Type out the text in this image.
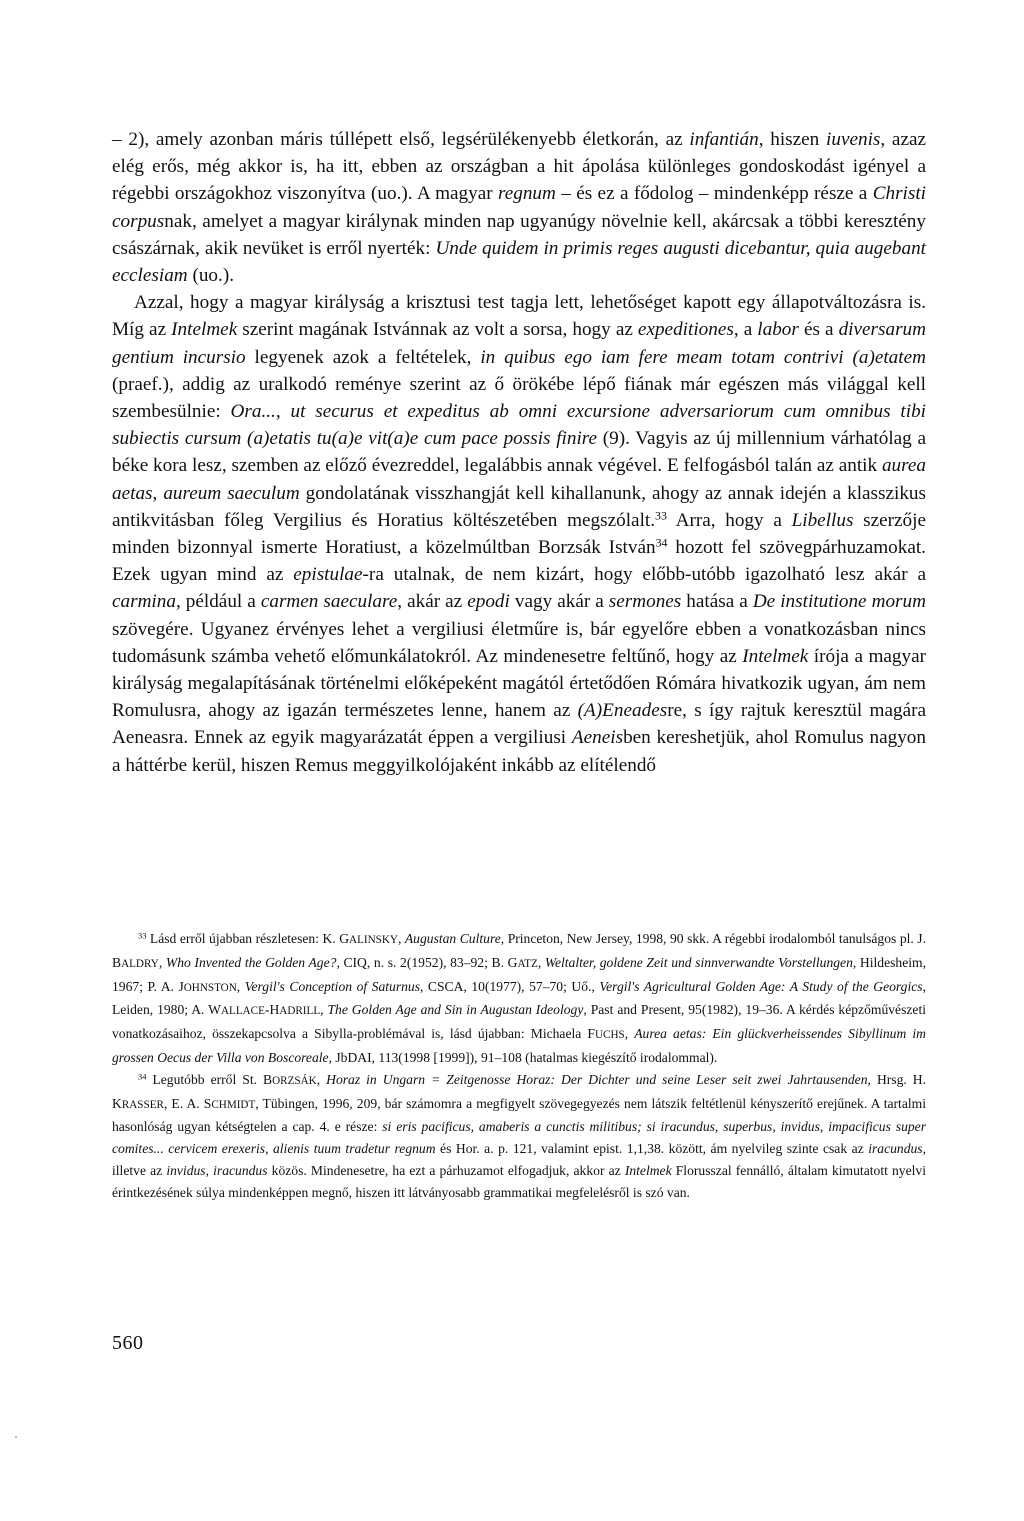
– 2), amely azonban máris túllépett első, legsérülékenyebb életkorán, az infantián, hiszen iuvenis, azaz elég erős, még akkor is, ha itt, ebben az országban a hit ápolása különleges gondoskodást igényel a régebbi országokhoz viszonyítva (uo.). A magyar regnum – és ez a fődolog – mindenképp része a Christi corpusnak, amelyet a magyar királynak minden nap ugyanúgy növelnie kell, akárcsak a többi keresztény császárnak, akik nevüket is erről nyerték: Unde quidem in primis reges augusti dicebantur, quia augebant ecclesiam (uo.).

Azzal, hogy a magyar királyság a krisztusi test tagja lett, lehetőséget kapott egy állapotváltozásra is. Míg az Intelmek szerint magának Istvánnak az volt a sorsa, hogy az expeditiones, a labor és a diversarum gentium incursio legyenek azok a feltételek, in quibus ego iam fere meam totam contrivi (a)etatem (praef.), addig az uralkodó reménye szerint az ő örökébe lépő fiának már egészen más világgal kell szembesülnie: Ora..., ut securus et expeditus ab omni excursione adversariorum cum omnibus tibi subiectis cursum (a)etatis tu(a)e vit(a)e cum pace possis finire (9). Vagyis az új millennium várhatólag a béke kora lesz, szemben az előző évezreddel, legalábbis annak végével. E felfogásból talán az antik aurea aetas, aureum saeculum gondolatának visszhangját kell kihallanunk, ahogy az annak idején a klasszikus antikvitásban főleg Vergilius és Horatius költészetében megszólalt.$^{33}$ Arra, hogy a Libellus szerzője minden bizonnyal ismerte Horatiust, a közelmúltban Borzsák István$^{34}$ hozott fel szövegpárhuzamokat. Ezek ugyan mind az epistulae-ra utalnak, de nem kizárt, hogy előbb-utóbb igazolható lesz akár a carmina, például a carmen saeculare, akár az epodi vagy akár a sermones hatása a De institutione morum szövegére. Ugyanez érvényes lehet a vergiliusi életműre is, bár egyelőre ebben a vonatkozásban nincs tudomásunk számba vehető előmunkálatokról. Az mindenesetre feltűnő, hogy az Intelmek írója a magyar királyság megalapításának történelmi előképeként magától értetődően Rómára hivatkozik ugyan, ám nem Romulusra, ahogy az igazán természetes lenne, hanem az (A)Eneadesre, s így rajtuk keresztül magára Aeneasra. Ennek az egyik magyarázatát éppen a vergiliusi Aeneisben kereshetjük, ahol Romulus nagyon a háttérbe kerül, hiszen Remus meggyilkolójaként inkább az elítélendő

$^{33}$ Lásd erről újabban részletesen: K. GALINSKY, Augustan Culture, Princeton, New Jersey, 1998, 90 skk. A régebbi irodalomból tanulságos pl. J. BALDRY, Who Invented the Golden Age?, CIQ, n. s. 2(1952), 83–92; B. GATZ, Weltalter, goldene Zeit und sinnverwandte Vorstellungen, Hildesheim, 1967; P. A. JOHNSTON, Vergil's Conception of Saturnus, CSCA, 10(1977), 57–70; Uő., Vergil's Agricultural Golden Age: A Study of the Georgics, Leiden, 1980; A. WALLACE-HADRILL, The Golden Age and Sin in Augustan Ideology, Past and Present, 95(1982), 19–36. A kérdés képzőművészeti vonatkozásaihoz, összekapcsolva a Sibylla-problémával is, lásd újabban: Michaela FUCHS, Aurea aetas: Ein glückverheissendes Sibyllinum im grossen Oecus der Villa von Boscoreale, JbDAI, 113(1998 [1999]), 91–108 (hatalmas kiegészítő irodalommal).

$^{34}$ Legutóbb erről St. BORZSÁK, Horaz in Ungarn = Zeitgenosse Horaz: Der Dichter und seine Leser seit zwei Jahrtausenden, Hrsg. H. KRASSER, E. A. SCHMIDT, Tübingen, 1996, 209, bár számomra a megfigyelt szövegegyezés nem látszik feltétlenül kényszerítő erejűnek. A tartalmi hasonlóság ugyan kétségtelen a cap. 4. e része: si eris pacificus, amaberis a cunctis militibus; si iracundus, superbus, invidus, impacificus super comites... cervicem erexeris, alienis tuum tradetur regnum és Hor. a. p. 121, valamint epist. 1,1,38. között, ám nyelvileg szinte csak az iracundus, illetve az invidus, iracundus közös. Mindenesetre, ha ezt a párhuzamot elfogadjuk, akkor az Intelmek Florusszal fennálló, általam kimutatott nyelvi érintkezésének súlya mindenképpen megnő, hiszen itt látványosabb grammatikai megfelelésről is szó van.

560
